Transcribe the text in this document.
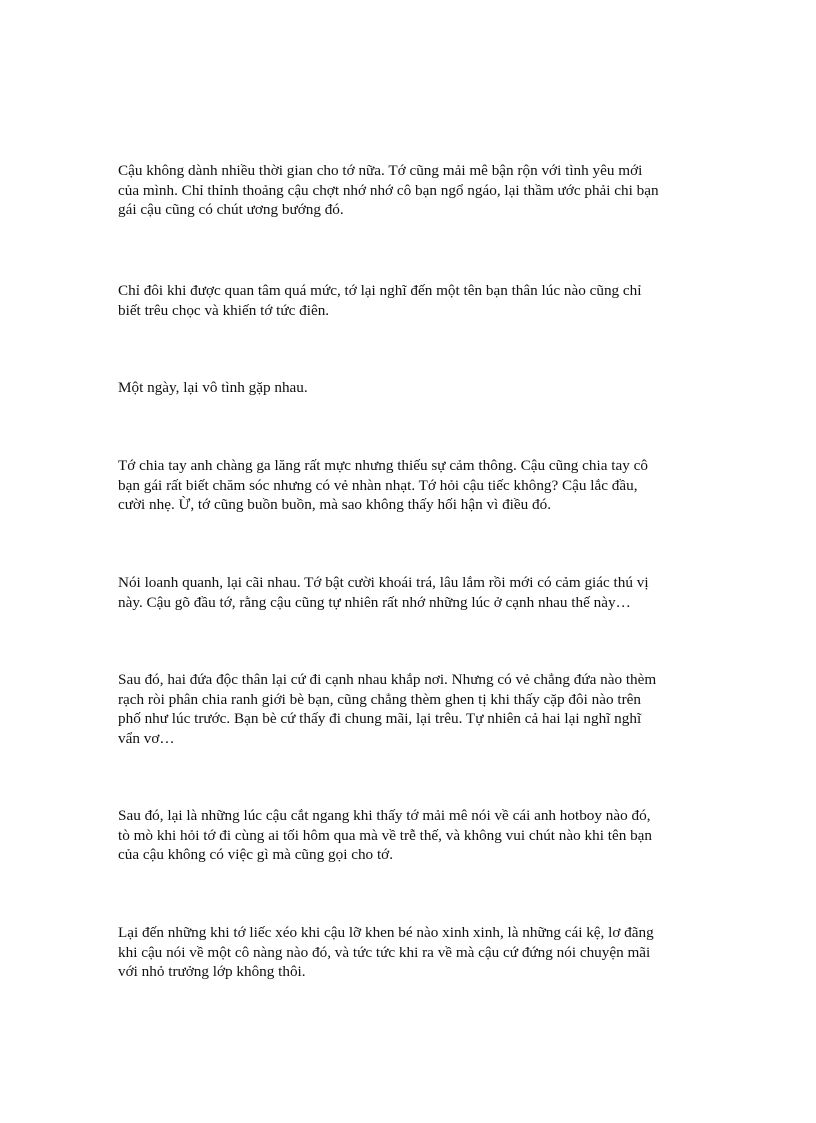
Cậu không dành nhiều thời gian cho tớ nữa. Tớ cũng mải mê bận rộn với tình yêu mới
của mình. Chỉ thỉnh thoảng cậu chợt nhớ nhớ cô bạn ngổ ngáo, lại thầm ước phải chi bạn
gái cậu cũng có chút ương bướng đó.

Chỉ đôi khi được quan tâm quá mức, tớ lại nghĩ đến một tên bạn thân lúc nào cũng chỉ
biết trêu chọc và khiến tớ tức điên.

Một ngày, lại vô tình gặp nhau.

Tớ chia tay anh chàng ga lăng rất mực nhưng thiếu sự cảm thông. Cậu cũng chia tay cô
bạn gái rất biết chăm sóc nhưng có vẻ nhàn nhạt. Tớ hỏi cậu tiếc không? Cậu lắc đầu,
cười nhẹ. Ừ, tớ cũng buồn buồn, mà sao không thấy hối hận vì điều đó.

Nói loanh quanh, lại cãi nhau. Tớ bật cười khoái trá, lâu lắm rồi mới có cảm giác thú vị
này. Cậu gõ đầu tớ, rằng cậu cũng tự nhiên rất nhớ những lúc ở cạnh nhau thế này…

Sau đó, hai đứa độc thân lại cứ đi cạnh nhau khắp nơi. Nhưng có vẻ chẳng đứa nào thèm
rạch ròi phân chia ranh giới bè bạn, cũng chẳng thèm ghen tị khi thấy cặp đôi nào trên
phố như lúc trước. Bạn bè cứ thấy đi chung mãi, lại trêu. Tự nhiên cả hai lại nghĩ nghĩ
vẩn vơ…

Sau đó, lại là những lúc cậu cắt ngang khi thấy tớ mải mê nói về cái anh hotboy nào đó,
tò mò khi hỏi tớ đi cùng ai tối hôm qua mà về trễ thế, và không vui chút nào khi tên bạn
của cậu không có việc gì mà cũng gọi cho tớ.

Lại đến những khi tớ liếc xéo khi cậu lỡ khen bé nào xinh xinh, là những cái kệ, lơ đãng
khi cậu nói về một cô nàng nào đó, và tức tức khi ra về mà cậu cứ đứng nói chuyện mãi
với nhỏ trưởng lớp không thôi.
